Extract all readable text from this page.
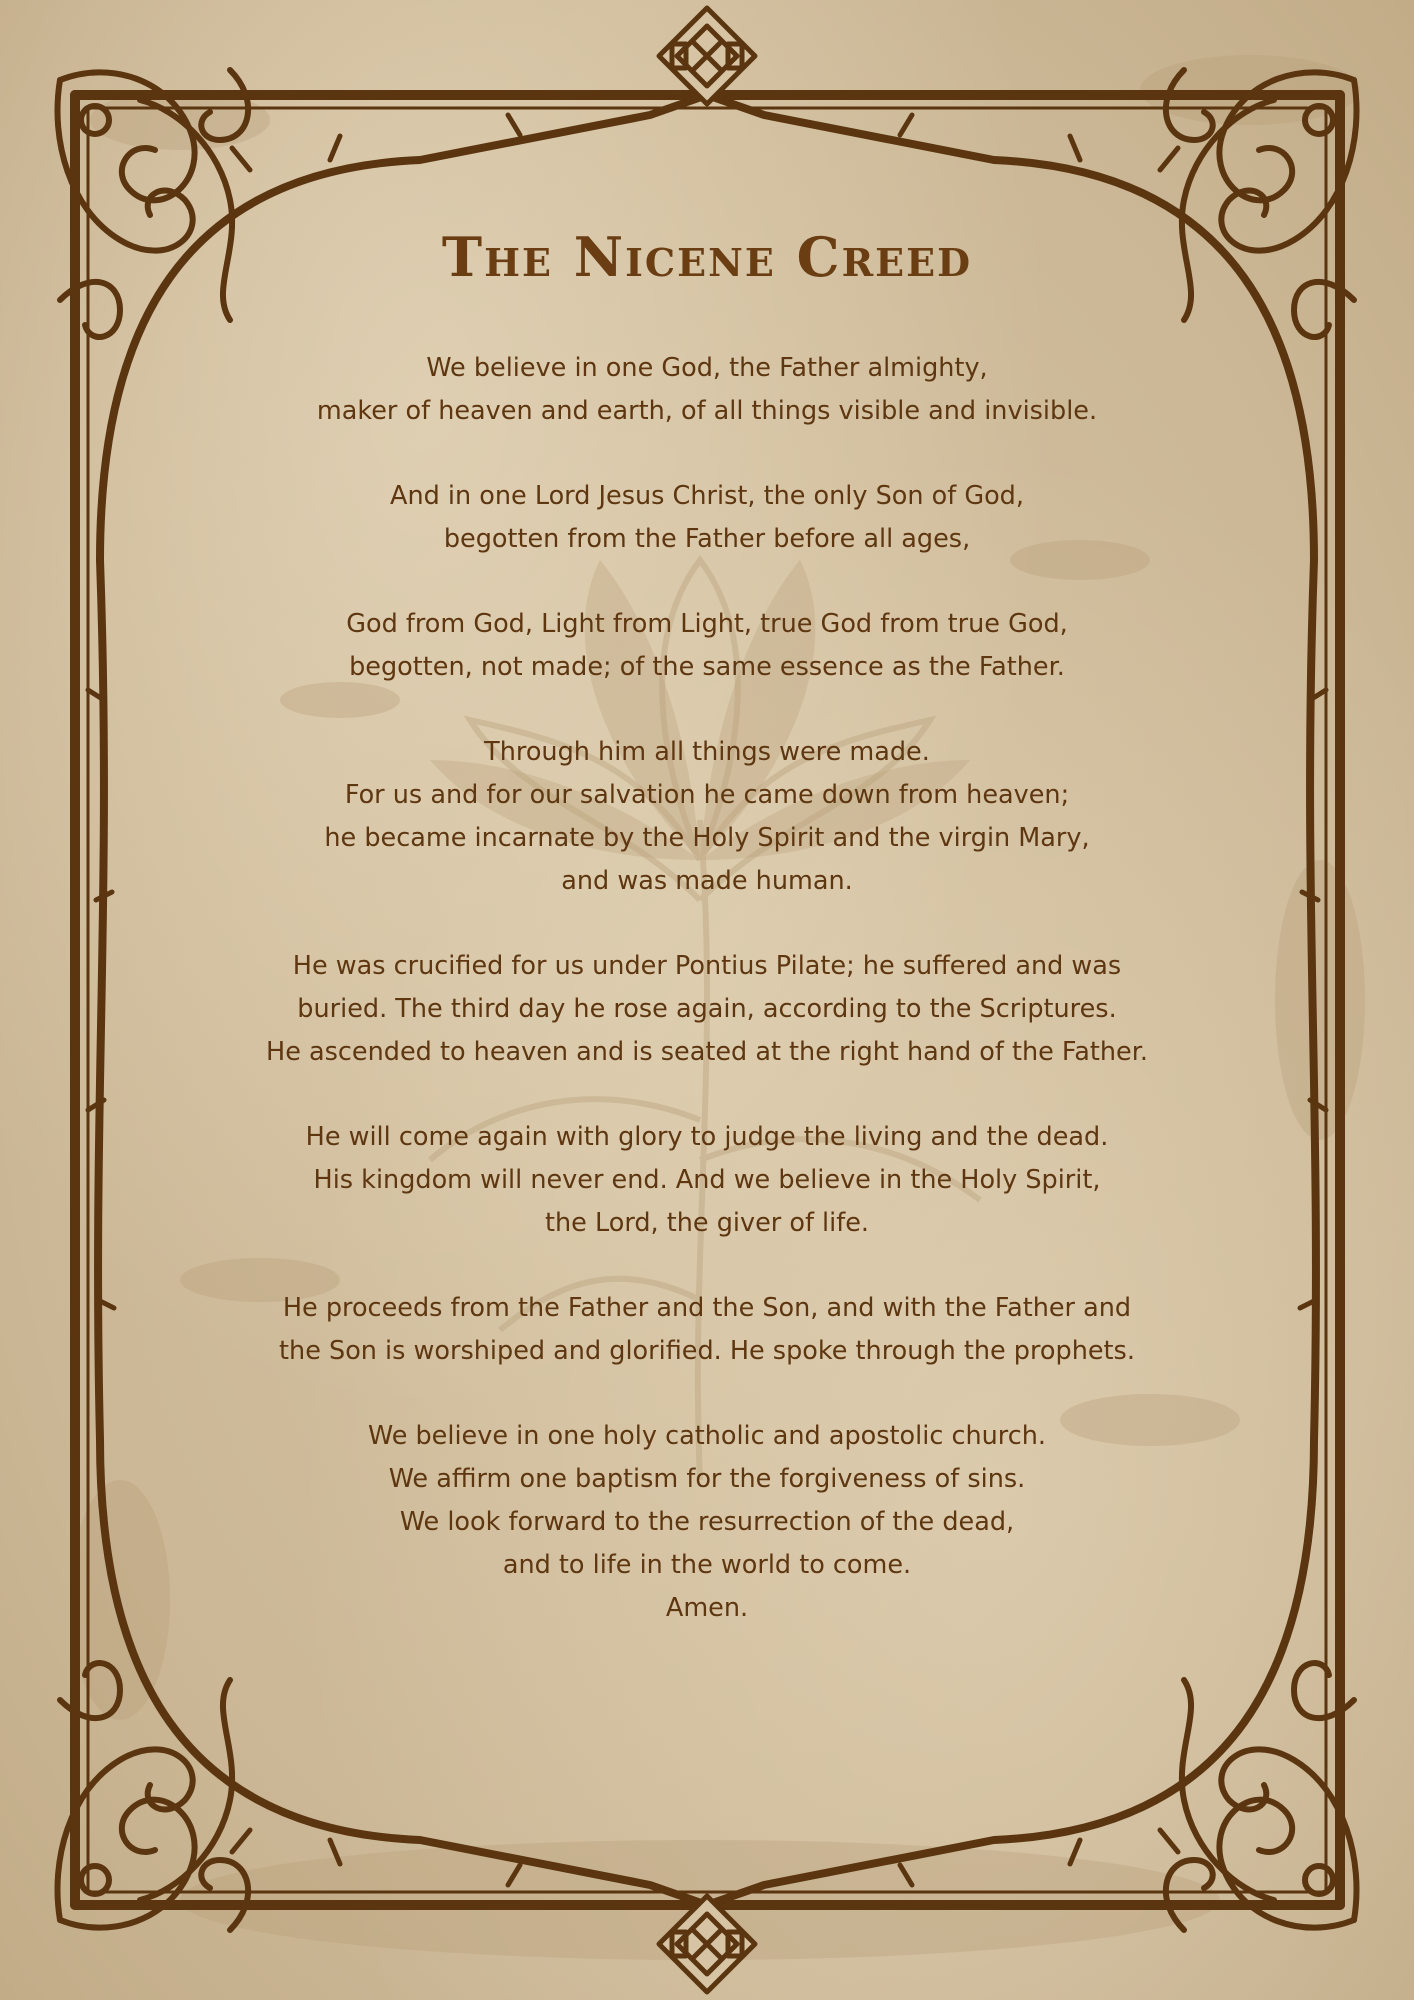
The Nicene Creed
We believe in one God, the Father almighty,
maker of heaven and earth, of all things visible and invisible.
And in one Lord Jesus Christ, the only Son of God,
begotten from the Father before all ages,
God from God, Light from Light, true God from true God,
begotten, not made; of the same essence as the Father.
Through him all things were made.
For us and for our salvation he came down from heaven;
he became incarnate by the Holy Spirit and the virgin Mary,
and was made human.
He was crucified for us under Pontius Pilate; he suffered and was
buried. The third day he rose again, according to the Scriptures.
He ascended to heaven and is seated at the right hand of the Father.
He will come again with glory to judge the living and the dead.
His kingdom will never end. And we believe in the Holy Spirit,
the Lord, the giver of life.
He proceeds from the Father and the Son, and with the Father and
the Son is worshiped and glorified. He spoke through the prophets.
We believe in one holy catholic and apostolic church.
We affirm one baptism for the forgiveness of sins.
We look forward to the resurrection of the dead,
and to life in the world to come.
Amen.
